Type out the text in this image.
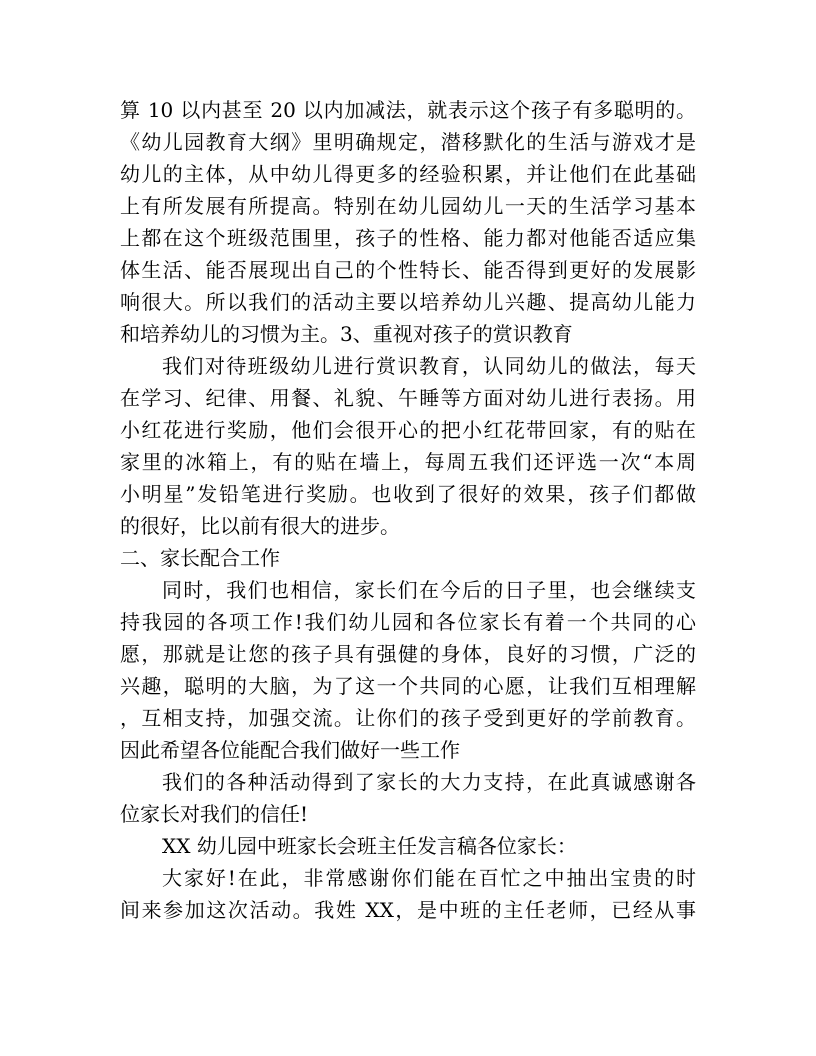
算 10 以内甚至 20 以内加减法，就表示这个孩子有多聪明的。
《幼儿园教育大纲》里明确规定，潜移默化的生活与游戏才是
幼儿的主体，从中幼儿得更多的经验积累，并让他们在此基础
上有所发展有所提高。特别在幼儿园幼儿一天的生活学习基本
上都在这个班级范围里，孩子的性格、能力都对他能否适应集
体生活、能否展现出自己的个性特长、能否得到更好的发展影
响很大。所以我们的活动主要以培养幼儿兴趣、提高幼儿能力
和培养幼儿的习惯为主。3、重视对孩子的赏识教育
我们对待班级幼儿进行赏识教育，认同幼儿的做法，每天
在学习、纪律、用餐、礼貌、午睡等方面对幼儿进行表扬。用
小红花进行奖励，他们会很开心的把小红花带回家，有的贴在
家里的冰箱上，有的贴在墙上，每周五我们还评选一次“本周
小明星”发铅笔进行奖励。也收到了很好的效果，孩子们都做
的很好，比以前有很大的进步。
二、家长配合工作
同时，我们也相信，家长们在今后的日子里，也会继续支
持我园的各项工作!我们幼儿园和各位家长有着一个共同的心
愿，那就是让您的孩子具有强健的身体，良好的习惯，广泛的
兴趣，聪明的大脑，为了这一个共同的心愿，让我们互相理解
，互相支持，加强交流。让你们的孩子受到更好的学前教育。
因此希望各位能配合我们做好一些工作
我们的各种活动得到了家长的大力支持，在此真诚感谢各
位家长对我们的信任!
XX 幼儿园中班家长会班主任发言稿各位家长：
大家好!在此，非常感谢你们能在百忙之中抽出宝贵的时
间来参加这次活动。我姓 XX，是中班的主任老师，已经从事
